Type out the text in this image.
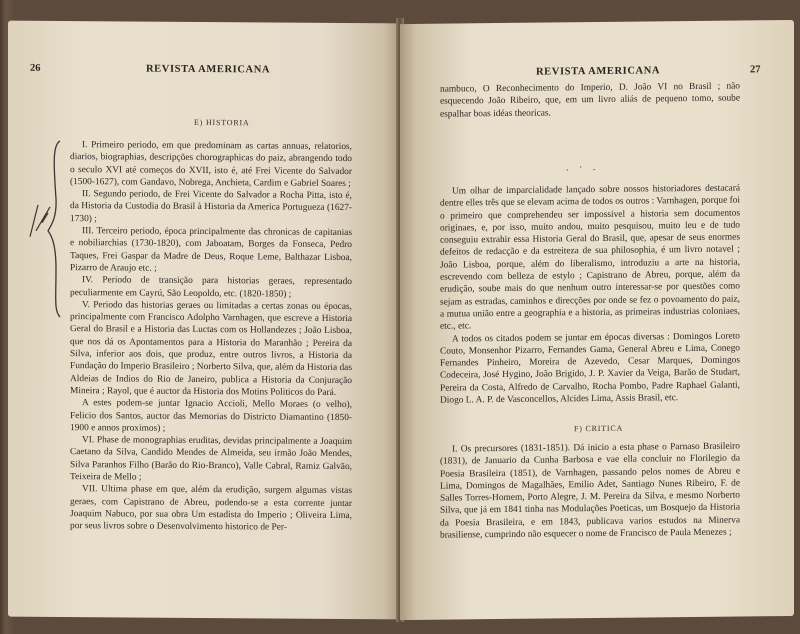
26	REVISTA AMERICANA
E) HISTORIA

I. Primeiro periodo, em que predominam as cartas annuas, relatorios, diarios, biographias, descripções chorographicas do paiz, abrangendo todo o seculo XVI até começos do XVII, isto é, até Frei Vicente do Salvador (1500-1627), com Gandavo, Nobrega, Anchieta, Cardim e Gabriel Soares ;

II. Segundo periodo, de Frei Vicente do Salvador a Rocha Pitta, isto é, da Historia da Custodia do Brasil à Historia da America Portugueza (1627-1730) ;

III. Terceiro periodo, época principalmente das chronicas de capitanias e nobiliarchias (1730-1820), com Jaboatam, Borges da Fonseca, Pedro Taques, Frei Gaspar da Madre de Deus, Roque Leme, Balthazar Lisboa, Pizarro de Araujo etc. ;

IV. Periodo de transição para historias geraes, representado peculiarmente em Cayrú, São Leopoldo, etc. (1820-1850) ;

V. Periodo das historias geraes ou limitadas a certas zonas ou épocas, principalmente com Francisco Adolpho Varnhagen, que escreve a Historia Geral do Brasil e a Historia das Luctas com os Hollandezes ; João Lisboa, que nos dá os Apontamentos para a Historia do Maranhão ; Pereira da Silva, inferior aos dois, que produz, entre outros livros, a Historia da Fundação do Imperio Brasileiro ; Norberto Silva, que, além da Historia das Aldeias de Indios do Rio de Janeiro, publica a Historia da Conjuração Mineira ; Rayol, que é auctor da Historia dos Motins Politicos do Pará.

A estes podem-se juntar Ignacio Accioli, Mello Moraes (o velho), Felicio dos Santos, auctor das Memorias do Districto Diamantino (1850-1900 e annos proximos) ;

VI. Phase de monographias eruditas, devidas principalmente a Joaquim Caetano da Silva, Candido Mendes de Almeida, seu irmão João Mendes, Silva Paranhos Filho (Barão do Rio-Branco), Valle Cabral, Ramiz Galvão, Teixeira de Mello ;

VII. Ultima phase em que, além da erudição, surgem algumas vistas geraes, com Capistrano de Abreu, podendo-se a esta corrente juntar Joaquim Nabuco, por sua obra Um estadista do Imperio ; Oliveira Lima, por seus livros sobre o Desenvolvimento historico de Per-

REVISTA AMERICANA	27

nambuco, O Reconhecimento do Imperio, D. João VI no Brasil ; não esquecendo João Ribeiro, que, em um livro aliás de pequeno tomo, soube espalhar boas idéas theoricas.

. · .

Um olhar de imparcialidade lançado sobre nossos historiadores destacará dentre elles três que se elevam acima de todos os outros : Varnhagen, porque foi o primeiro que comprehendeu ser impossivel a historia sem documentos originaes, e, por isso, muito andou, muito pesquisou, muito leu e de tudo conseguiu extrahir essa Historia Geral do Brasil, que, apesar de seus enormes defeitos de redacção e da estreiteza de sua philosophia, é um livro notavel ; João Lisboa, porque, além do liberalismo, introduziu a arte na historia, escrevendo com belleza de estylo ; Capistrano de Abreu, porque, além da erudição, soube mais do que nenhum outro interessar-se por questões como sejam as estradas, caminhos e direcções por onde se fez o povoamento do paiz, a mutua união entre a geographia e a historia, as primeiras industrias coloniaes, etc., etc.

A todos os citados podem se juntar em épocas diversas : Domingos Loreto Couto, Monsenhor Pizarro, Fernandes Gama, General Abreu e Lima, Conego Fernandes Pinheiro, Moreira de Azevedo, Cesar Marques, Domingos Codeceira, José Hygino, João Brigido, J. P. Xavier da Veiga, Barão de Studart, Pereira da Costa, Alfredo de Carvalho, Rocha Pombo, Padre Raphael Galanti, Diogo L. A. P. de Vasconcellos, Alcides Lima, Assis Brasil, etc.

F) CRITICA

I. Os precursores (1831-1851). Dá inicio a esta phase o Parnaso Brasileiro (1831), de Januario da Cunha Barbosa e vae ella concluir no Florilegio da Poesia Brasileira (1851), de Varnhagen, passando pelos nomes de Abreu e Lima, Domingos de Magalhães, Emilio Adet, Santiago Nunes Ribeiro, F. de Salles Torres-Homem, Porto Alegre, J. M. Pereira da Silva, e mesmo Norberto Silva, que já em 1841 tinha nas Modulações Poeticas, um Bosquejo da Historia da Poesia Brasileira, e em 1843, publicava varios estudos na Minerva brasiliense, cumprindo não esquecer o nome de Francisco de Paula Menezes ;
